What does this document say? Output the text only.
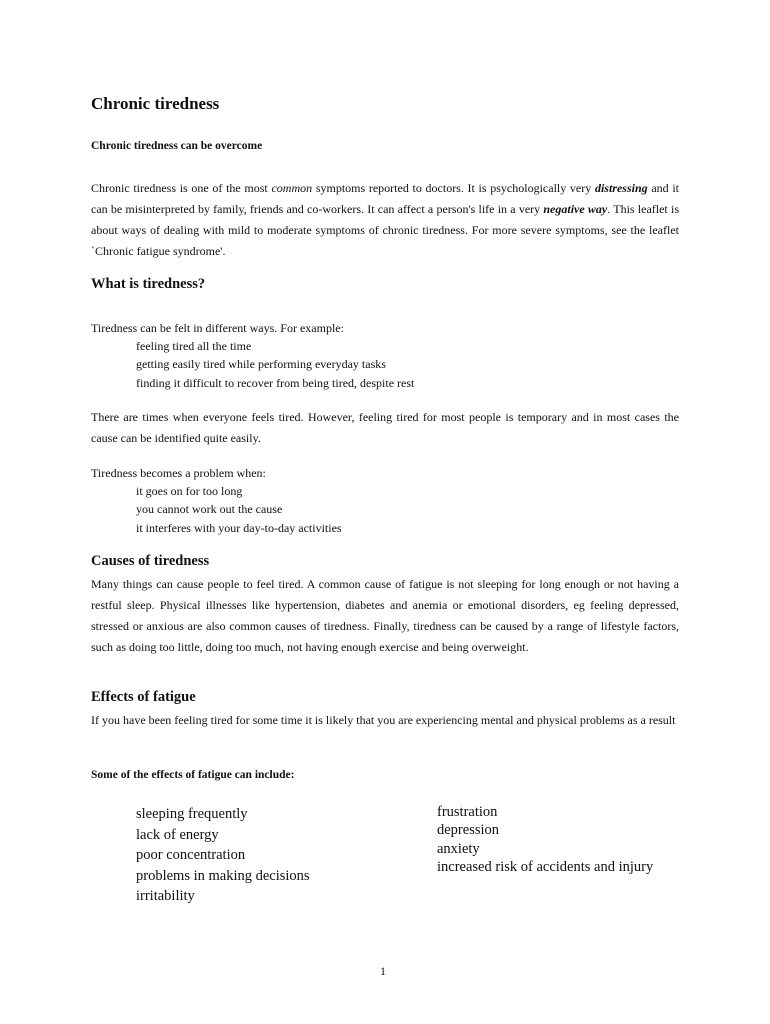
Chronic tiredness

Chronic tiredness can be overcome

Chronic tiredness is one of the most common symptoms reported to doctors. It is psychologically very distressing and it can be misinterpreted by family, friends and co-workers. It can affect a person's life in a very negative way. This leaflet is about ways of dealing with mild to moderate symptoms of chronic tiredness. For more severe symptoms, see the leaflet `Chronic fatigue syndrome'.

What is tiredness?

Tiredness can be felt in different ways. For example:

feeling tired all the time
getting easily tired while performing everyday tasks
finding it difficult to recover from being tired, despite rest

There are times when everyone feels tired. However, feeling tired for most people is temporary and in most cases the cause can be identified quite easily.

Tiredness becomes a problem when:

it goes on for too long
you cannot work out the cause
it interferes with your day-to-day activities
Causes of tiredness

Many things can cause people to feel tired. A common cause of fatigue is not sleeping for long enough or not having a restful sleep. Physical illnesses like hypertension, diabetes and anemia or emotional disorders, eg feeling depressed, stressed or anxious are also common causes of tiredness. Finally, tiredness can be caused by a range of lifestyle factors, such as doing too little, doing too much, not having enough exercise and being overweight.

Effects of fatigue

If you have been feeling tired for some time it is likely that you are experiencing mental and physical problems as a result

Some of the effects of fatigue can include:

sleeping frequently
lack of energy
poor concentration
problems in making decisions
irritability
frustration
depression
anxiety
increased risk of accidents and injury

1
